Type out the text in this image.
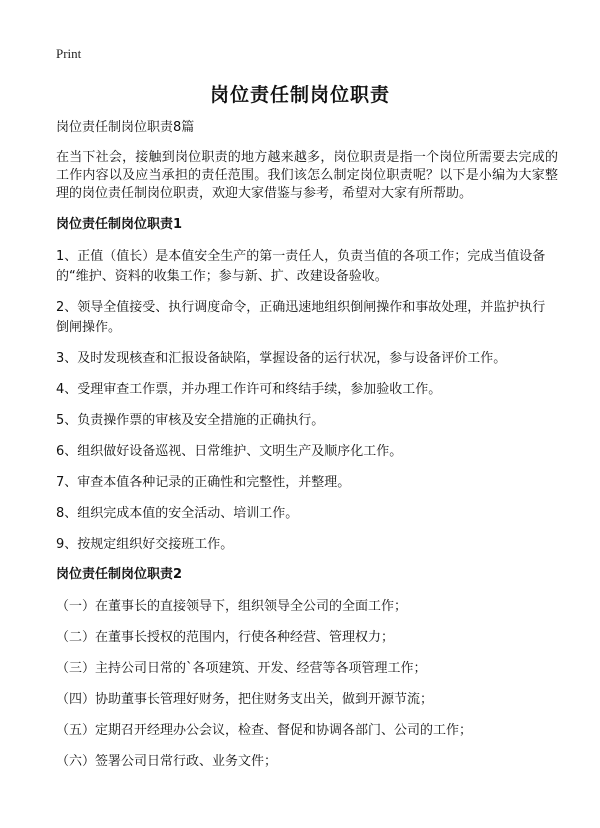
Print
岗位责任制岗位职责

岗位责任制岗位职责8篇

在当下社会，接触到岗位职责的地方越来越多，岗位职责是指一个岗位所需要去完成的工作内容以及应当承担的责任范围。我们该怎么制定岗位职责呢？以下是小编为大家整理的岗位责任制岗位职责，欢迎大家借鉴与参考，希望对大家有所帮助。

岗位责任制岗位职责1

1、正值（值长）是本值安全生产的第一责任人，负责当值的各项工作；完成当值设备的“维护、资料的收集工作；参与新、扩、改建设备验收。

2、领导全值接受、执行调度命令，正确迅速地组织倒闸操作和事故处理，并监护执行倒闸操作。

3、及时发现核查和汇报设备缺陷，掌握设备的运行状况，参与设备评价工作。

4、受理审查工作票，并办理工作许可和终结手续，参加验收工作。

5、负责操作票的审核及安全措施的正确执行。

6、组织做好设备巡视、日常维护、文明生产及顺序化工作。

7、审查本值各种记录的正确性和完整性，并整理。

8、组织完成本值的安全活动、培训工作。

9、按规定组织好交接班工作。

岗位责任制岗位职责2

（一）在董事长的直接领导下，组织领导全公司的全面工作；

（二）在董事长授权的范围内，行使各种经营、管理权力；

（三）主持公司日常的`各项建筑、开发、经营等各项管理工作；

（四）协助董事长管理好财务，把住财务支出关，做到开源节流；

（五）定期召开经理办公会议，检查、督促和协调各部门、公司的工作；

（六）签署公司日常行政、业务文件；
